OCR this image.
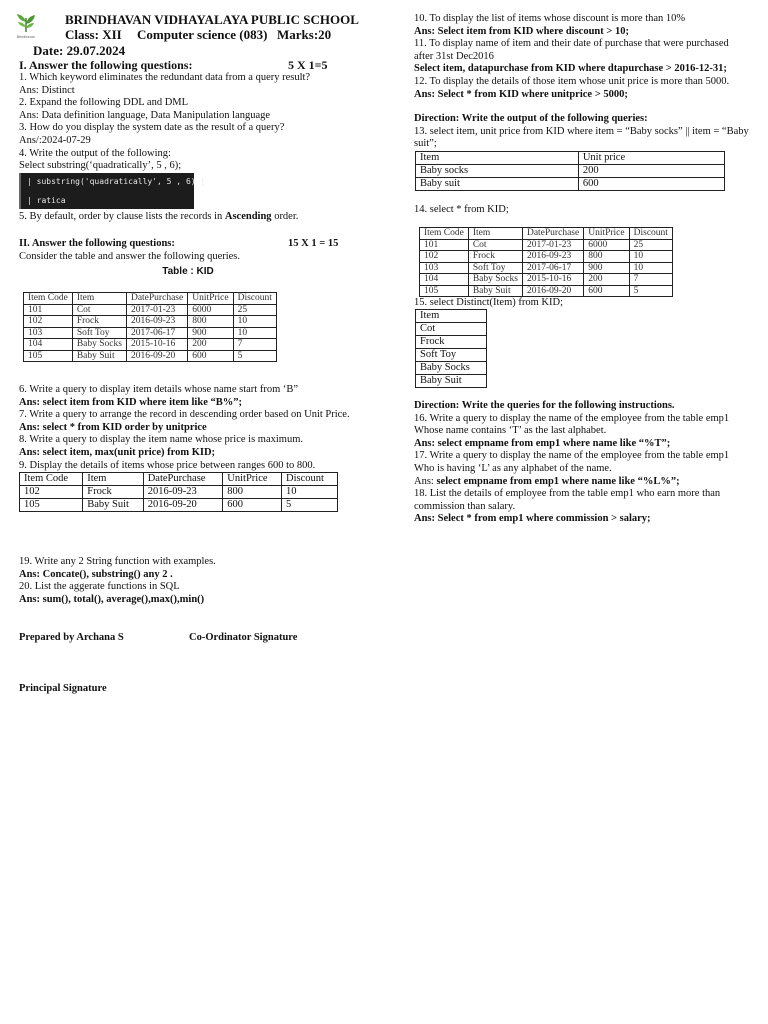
Brindhavan
BRINDHAVAN VIDHAYALAYA PUBLIC SCHOOL
Class: XII Computer science (083) Marks:20
Date: 29.07.2024
I. Answer the following questions:	5 X 1=5
1. Which keyword eliminates the redundant data from a query result?
Ans: Distinct
2. Expand the following DDL and DML
Ans: Data definition language, Data Manipulation language
3. How do you display the system date as the result of a query?
Ans/:2024-07-29
4. Write the output of the following:
Select substring(‘quadratically’, 5 , 6);
| substring('quadratically', 5 , 6) |
| ratica
5. By default, order by clause lists the records in Ascending order.
II. Answer the following questions:	15 X 1 = 15
Consider the table and answer the following queries.
Table : KID
Item Code	Item	DatePurchase	UnitPrice	Discount
101	Cot	2017-01-23	6000	25
102	Frock	2016-09-23	800	10
103	Soft Toy	2017-06-17	900	10
104	Baby Socks	2015-10-16	200	7
105	Baby Suit	2016-09-20	600	5
6. Write a query to display item details whose name start from ‘B”
Ans: select item from KID where item like “B%”;
7. Write a query to arrange the record in descending order based on Unit Price.
Ans: select * from KID order by unitprice
8. Write a query to display the item name whose price is maximum.
Ans: select item, max(unit price) from KID;
9. Display the details of items whose price between ranges 600 to 800.
Item Code	Item	DatePurchase	UnitPrice	Discount
102	Frock	2016-09-23	800	10
105	Baby Suit	2016-09-20	600	5
19. Write any 2 String function with examples.
Ans: Concate(), substring() any 2 .
20. List the aggerate functions in SQL
Ans: sum(), total(), average(),max(),min()
Prepared by Archana S	Co-Ordinator Signature
Principal Signature
10. To display the list of items whose discount is more than 10%
Ans: Select item from KID where discount > 10;
11. To display name of item and their date of purchase that were purchased
after 31st Dec2016
Select item, datapurchase from KID where dtapurchase > 2016-12-31;
12. To display the details of those item whose unit price is more than 5000.
Ans: Select * from KID where unitprice > 5000;
Direction: Write the output of the following queries:
13. select item, unit price from KID where item = “Baby socks” || item = “Baby
suit”;
Item	Unit price
Baby socks	200
Baby suit	600
14. select * from KID;
Item Code	Item	DatePurchase	UnitPrice	Discount
101	Cot	2017-01-23	6000	25
102	Frock	2016-09-23	800	10
103	Soft Toy	2017-06-17	900	10
104	Baby Socks	2015-10-16	200	7
105	Baby Suit	2016-09-20	600	5
15. select Distinct(Item) from KID;
Item
Cot
Frock
Soft Toy
Baby Socks
Baby Suit
Direction: Write the queries for the following instructions.
16. Write a query to display the name of the employee from the table emp1
Whose name contains ‘T’ as the last alphabet.
Ans: select empname from emp1 where name like “%T”;
17. Write a query to display the name of the employee from the table emp1
Who is having ‘L’ as any alphabet of the name.
Ans: select empname from emp1 where name like “%L%”;
18. List the details of employee from the table emp1 who earn more than
commission than salary.
Ans: Select * from emp1 where commission > salary;
